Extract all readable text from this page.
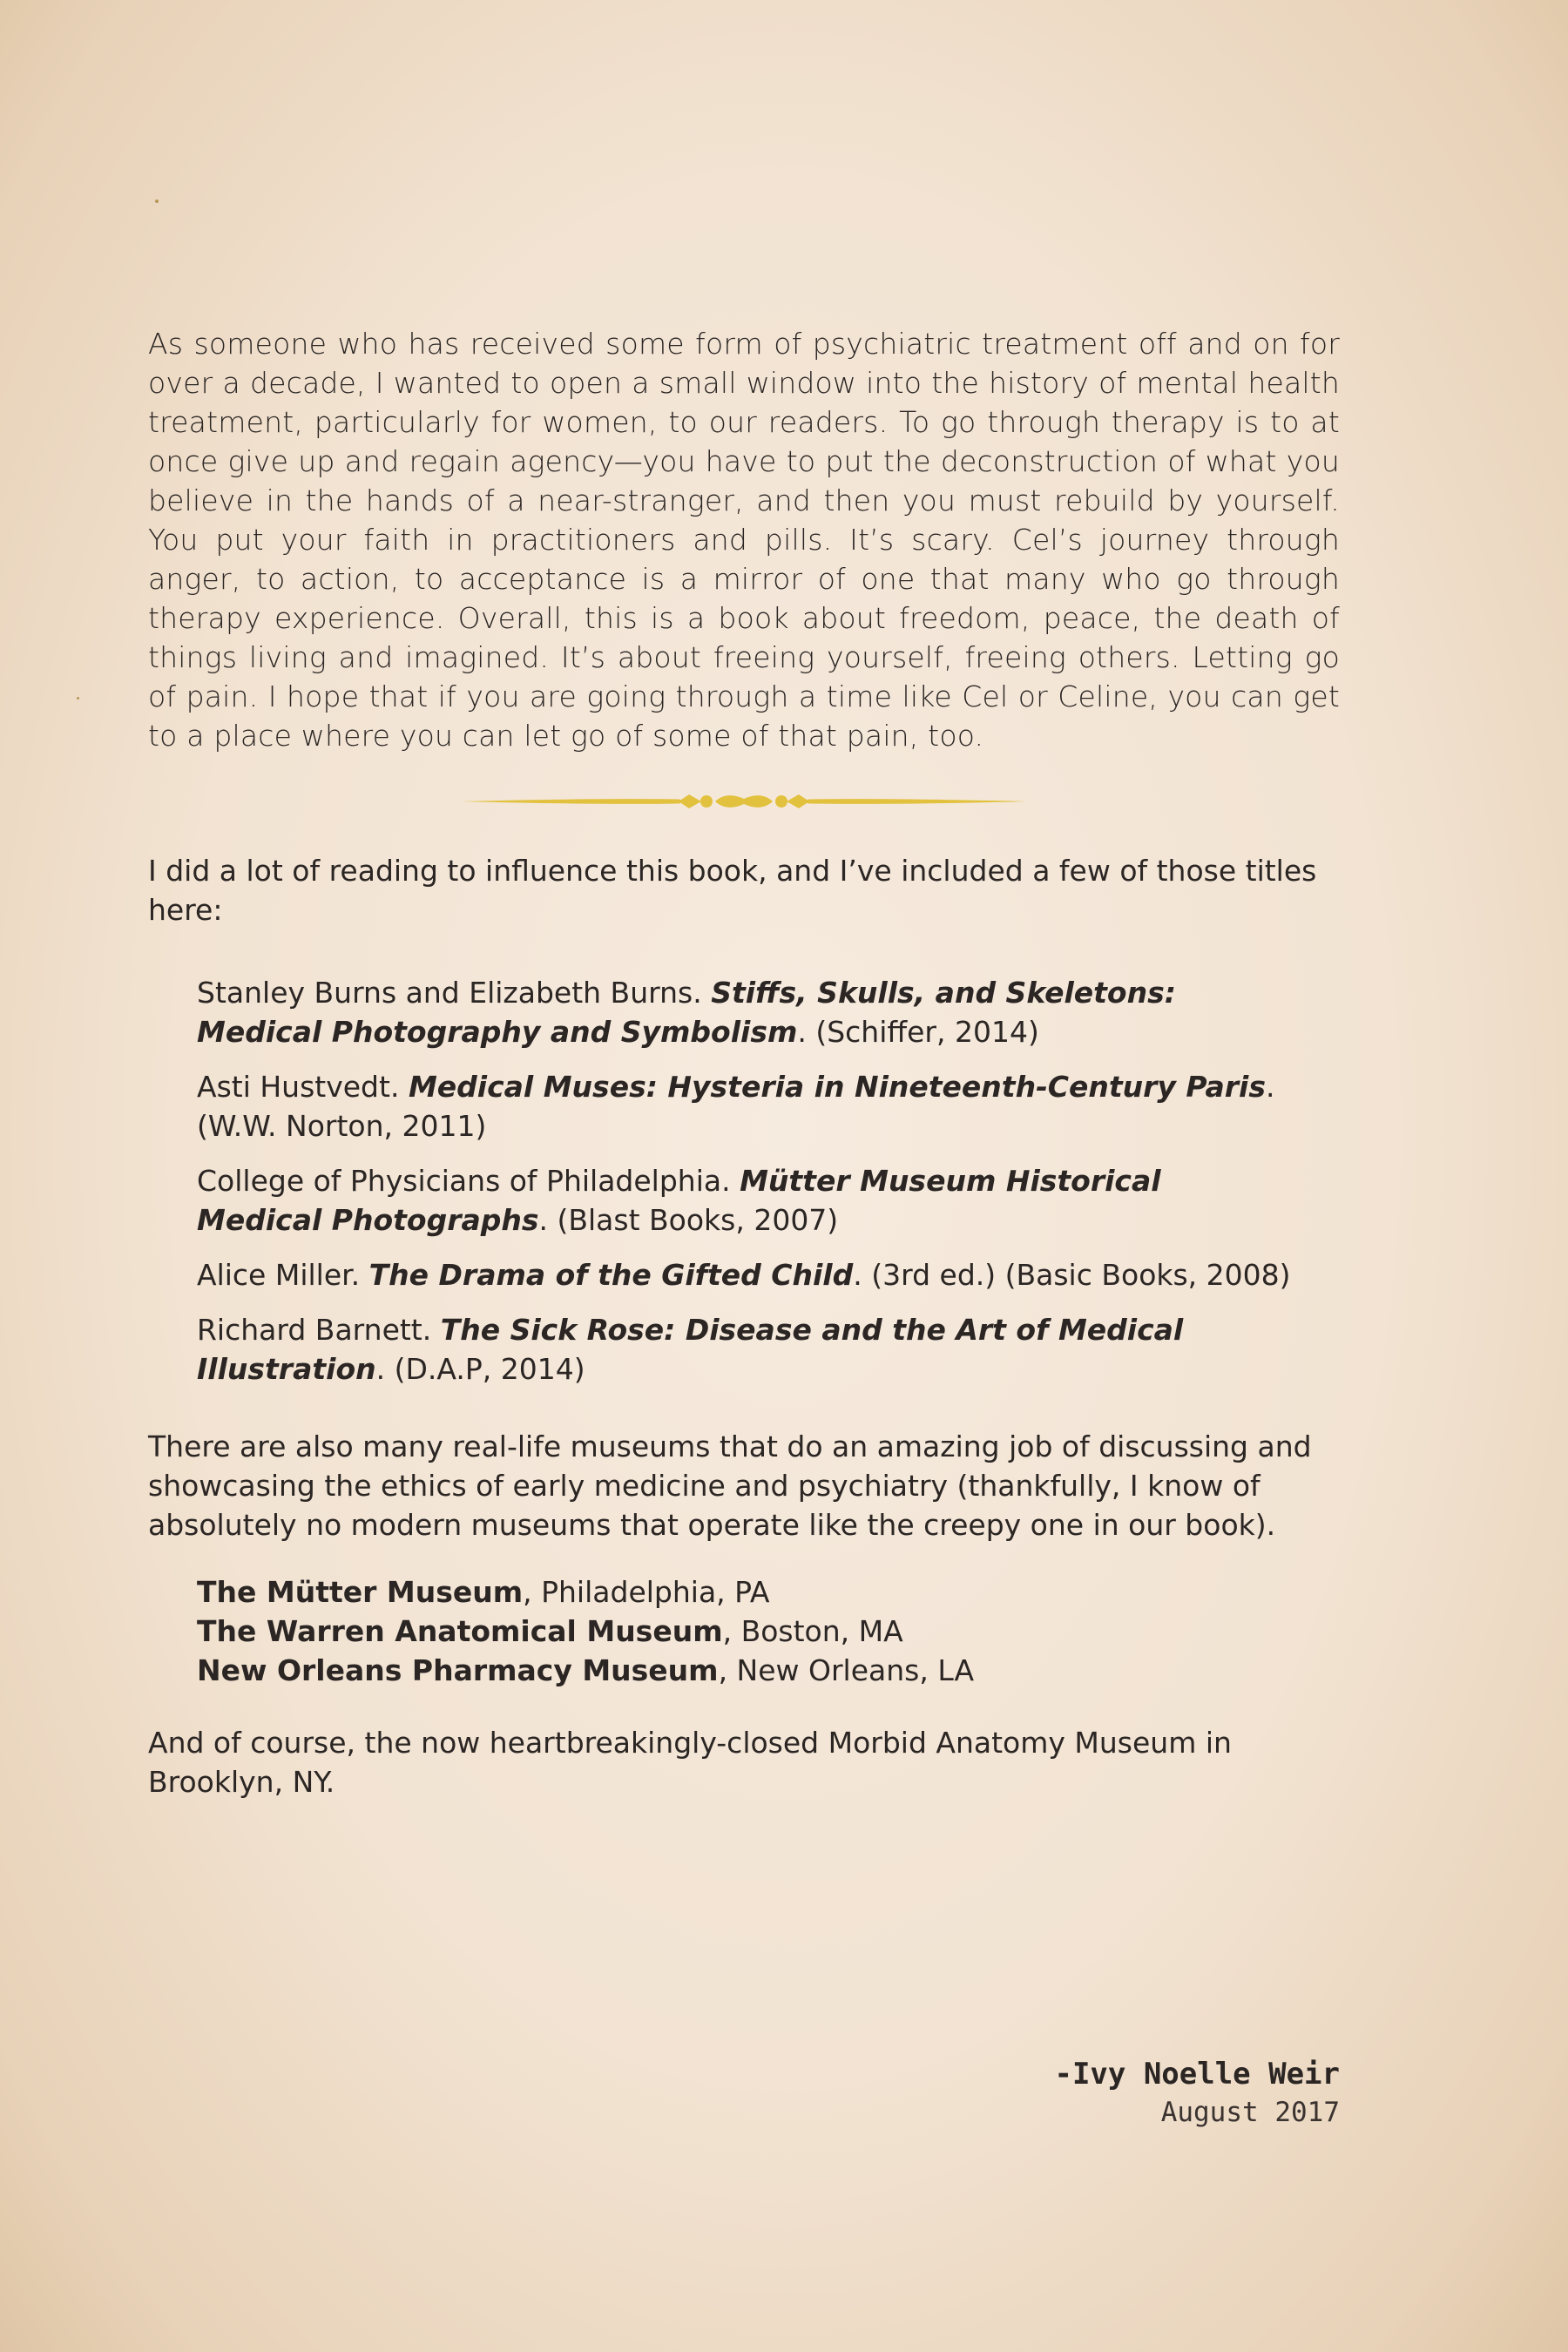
As someone who has received some form of psychiatric treatment off and on for over a decade, I wanted to open a small window into the history of mental health treatment, particularly for women, to our readers. To go through therapy is to at once give up and regain agency—you have to put the deconstruction of what you believe in the hands of a near-stranger, and then you must rebuild by yourself. You put your faith in practitioners and pills. It’s scary. Cel’s journey through anger, to action, to acceptance is a mirror of one that many who go through therapy experience. Overall, this is a book about freedom, peace, the death of things living and imagined. It’s about freeing yourself, freeing others. Letting go of pain. I hope that if you are going through a time like Cel or Celine, you can get to a place where you can let go of some of that pain, too.

I did a lot of reading to influence this book, and I’ve included a few of those titles here:

Stanley Burns and Elizabeth Burns. Stiffs, Skulls, and Skeletons: Medical Photography and Symbolism. (Schiffer, 2014)
Asti Hustvedt. Medical Muses: Hysteria in Nineteenth-Century Paris. (W.W. Norton, 2011)
College of Physicians of Philadelphia. Mütter Museum Historical Medical Photographs. (Blast Books, 2007)
Alice Miller. The Drama of the Gifted Child. (3rd ed.) (Basic Books, 2008)
Richard Barnett. The Sick Rose: Disease and the Art of Medical Illustration. (D.A.P, 2014)

There are also many real-life museums that do an amazing job of discussing and showcasing the ethics of early medicine and psychiatry (thankfully, I know of absolutely no modern museums that operate like the creepy one in our book).

The Mütter Museum, Philadelphia, PA
The Warren Anatomical Museum, Boston, MA
New Orleans Pharmacy Museum, New Orleans, LA

And of course, the now heartbreakingly-closed Morbid Anatomy Museum in Brooklyn, NY.

-Ivy Noelle Weir
August 2017
